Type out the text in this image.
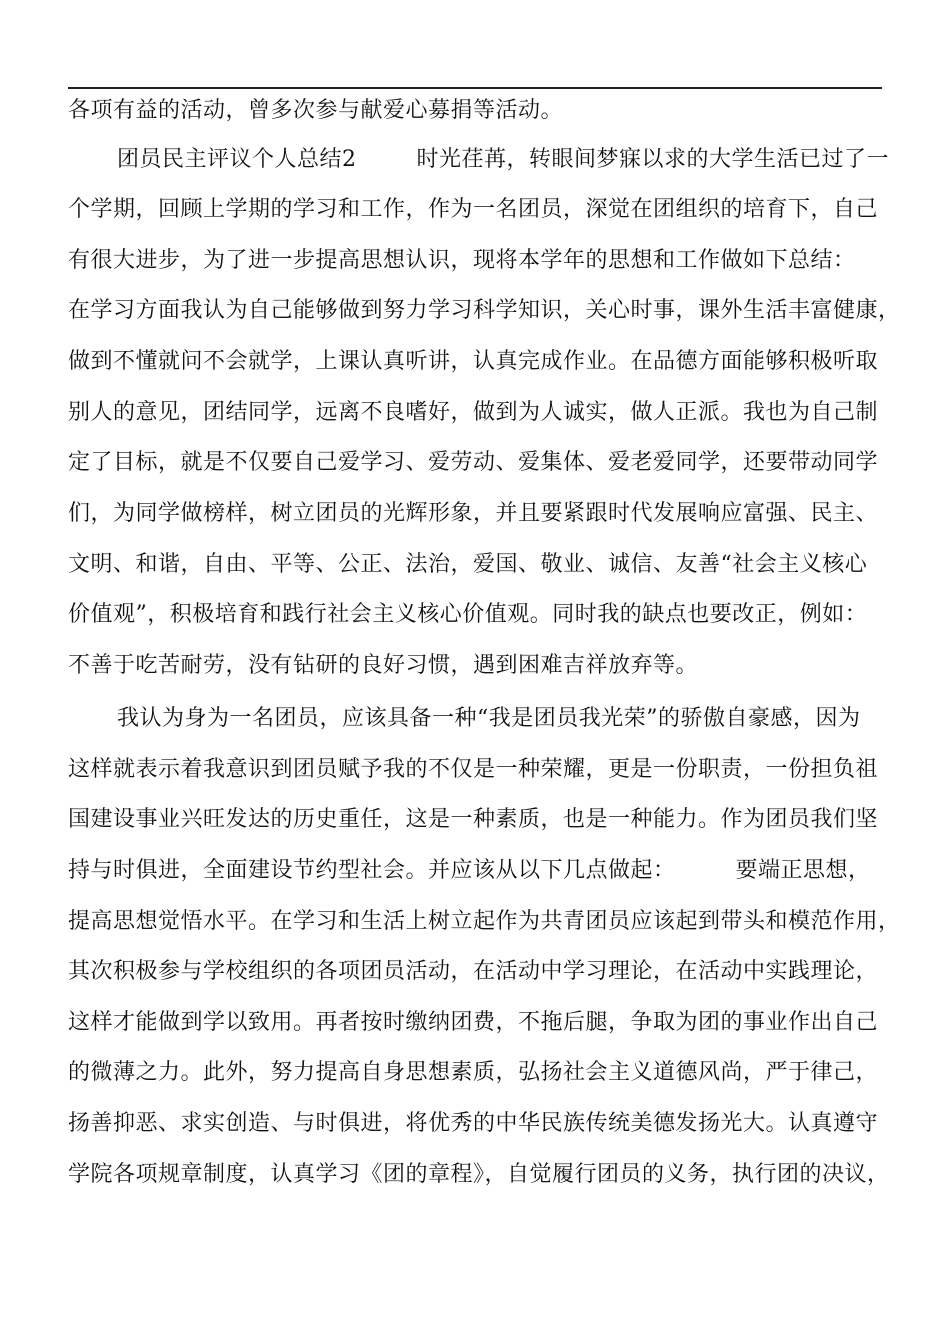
各项有益的活动，曾多次参与献爱心募捐等活动。
团员民主评议个人总结2        时光荏苒，转眼间梦寐以求的大学生活已过了一
个学期，回顾上学期的学习和工作，作为一名团员，深觉在团组织的培育下，自己
有很大进步，为了进一步提高思想认识，现将本学年的思想和工作做如下总结：
在学习方面我认为自己能够做到努力学习科学知识，关心时事，课外生活丰富健康，
做到不懂就问不会就学，上课认真听讲，认真完成作业。在品德方面能够积极听取
别人的意见，团结同学，远离不良嗜好，做到为人诚实，做人正派。我也为自己制
定了目标，就是不仅要自己爱学习、爱劳动、爱集体、爱老爱同学，还要带动同学
们，为同学做榜样，树立团员的光辉形象，并且要紧跟时代发展响应富强、民主、
文明、和谐，自由、平等、公正、法治，爱国、敬业、诚信、友善“社会主义核心
价值观”，积极培育和践行社会主义核心价值观。同时我的缺点也要改正，例如：
不善于吃苦耐劳，没有钻研的良好习惯，遇到困难吉祥放弃等。
我认为身为一名团员，应该具备一种“我是团员我光荣”的骄傲自豪感，因为
这样就表示着我意识到团员赋予我的不仅是一种荣耀，更是一份职责，一份担负祖
国建设事业兴旺发达的历史重任，这是一种素质，也是一种能力。作为团员我们坚
持与时俱进，全面建设节约型社会。并应该从以下几点做起：        要端正思想，
提高思想觉悟水平。在学习和生活上树立起作为共青团员应该起到带头和模范作用，
其次积极参与学校组织的各项团员活动，在活动中学习理论，在活动中实践理论，
这样才能做到学以致用。再者按时缴纳团费，不拖后腿，争取为团的事业作出自己
的微薄之力。此外，努力提高自身思想素质，弘扬社会主义道德风尚，严于律己，
扬善抑恶、求实创造、与时俱进，将优秀的中华民族传统美德发扬光大。认真遵守
学院各项规章制度，认真学习《团的章程》，自觉履行团员的义务，执行团的决议，
